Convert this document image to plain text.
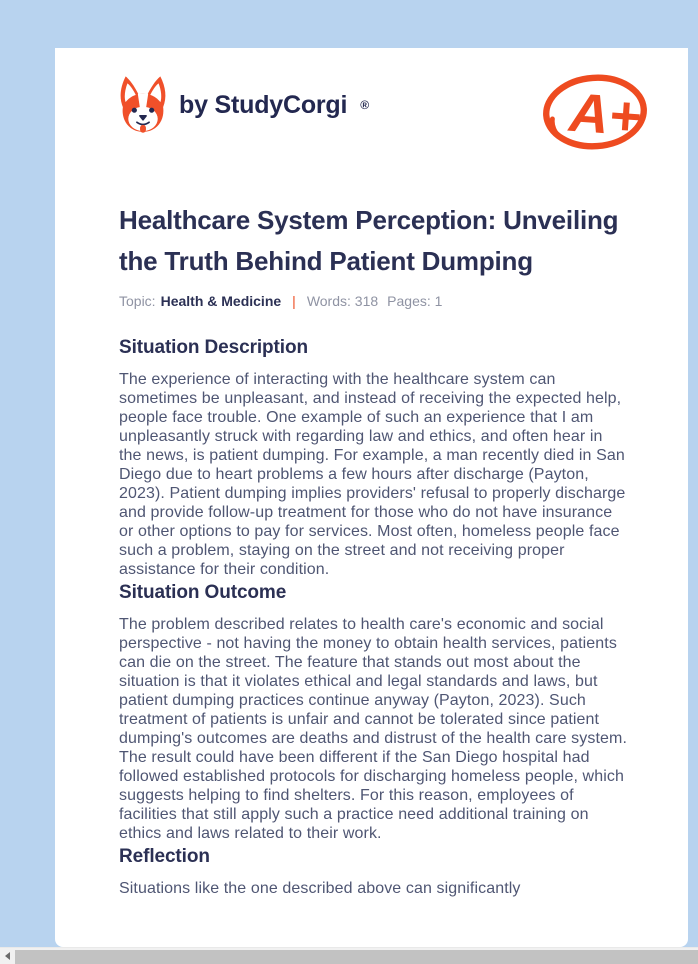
by StudyCorgi ®	A+
Healthcare System Perception: Unveiling the Truth Behind Patient Dumping
Topic: Health & Medicine | Words: 318 Pages: 1
Situation Description

The experience of interacting with the healthcare system can sometimes be unpleasant, and instead of receiving the expected help, people face trouble. One example of such an experience that I am unpleasantly struck with regarding law and ethics, and often hear in the news, is patient dumping. For example, a man recently died in San Diego due to heart problems a few hours after discharge (Payton, 2023). Patient dumping implies providers' refusal to properly discharge and provide follow-up treatment for those who do not have insurance or other options to pay for services. Most often, homeless people face such a problem, staying on the street and not receiving proper assistance for their condition.

Situation Outcome

The problem described relates to health care's economic and social perspective - not having the money to obtain health services, patients can die on the street. The feature that stands out most about the situation is that it violates ethical and legal standards and laws, but patient dumping practices continue anyway (Payton, 2023). Such treatment of patients is unfair and cannot be tolerated since patient dumping's outcomes are deaths and distrust of the health care system. The result could have been different if the San Diego hospital had followed established protocols for discharging homeless people, which suggests helping to find shelters. For this reason, employees of facilities that still apply such a practice need additional training on ethics and laws related to their work.

Reflection

Situations like the one described above can significantly
